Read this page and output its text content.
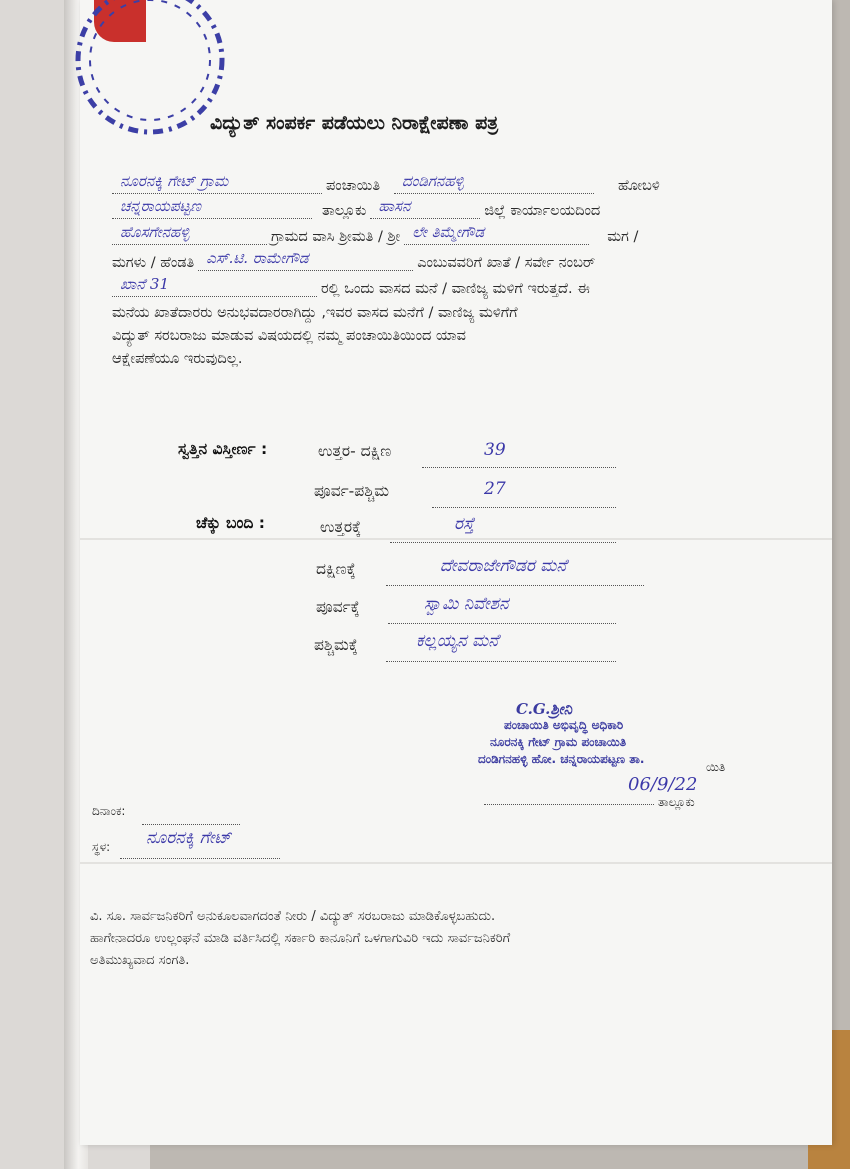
ವಿದ್ಯುತ್ ಸಂಪರ್ಕ ಪಡೆಯಲು ನಿರಾಕ್ಷೇಪಣಾ ಪತ್ರ
ನೂರನಕ್ಕಿ ಗೇಟ್ ಗ್ರಾಮ	ಪಂಚಾಯಿತಿ ದಂಡಿಗನಹಳ್ಳಿ	ಹೋಬಳಿ
ಚನ್ನರಾಯಪಟ್ಟಣ	ತಾಲ್ಲೂಕು ಹಾಸನ	ಜಿಲ್ಲೆ ಕಾರ್ಯಾಲಯದಿಂದ
ಹೊಸಗೇನಹಳ್ಳಿ	ಗ್ರಾಮದ ವಾಸಿ ಶ್ರೀಮತಿ / ಶ್ರೀ ಲೇ ತಿಮ್ಮೇಗೌಡ	ಮಗ /
ಮಗಳು / ಹೆಂಡತಿ ಎಸ್.ಟಿ. ರಾಮೇಗೌಡ	ಎಂಬುವವರಿಗೆ ಖಾತೆ / ಸರ್ವೇ ನಂಬರ್
ಖಾನೆ 31	ರಲ್ಲಿ ಒಂದು ವಾಸದ ಮನೆ / ವಾಣಿಜ್ಯ ಮಳಿಗೆ ಇರುತ್ತದೆ. ಈ
ಮನೆಯ ಖಾತೆದಾರರು ಅನುಭವದಾರರಾಗಿದ್ದು ,ಇವರ ವಾಸದ ಮನೆಗೆ / ವಾಣಿಜ್ಯ ಮಳಿಗೆಗೆ
ವಿದ್ಯುತ್ ಸರಬರಾಜು ಮಾಡುವ ವಿಷಯದಲ್ಲಿ ನಮ್ಮ ಪಂಚಾಯಿತಿಯಿಂದ ಯಾವ
ಆಕ್ಷೇಪಣೆಯೂ ಇರುವುದಿಲ್ಲ.
ಸ್ವತ್ತಿನ ವಿಸ್ತೀರ್ಣ :	ಉತ್ತರ- ದಕ್ಷಿಣ	39
ಪೂರ್ವ-ಪಶ್ಚಿಮ	27
ಚೆಕ್ಕು ಬಂದಿ :	ಉತ್ತರಕ್ಕೆ	ರಸ್ತೆ
ದಕ್ಷಿಣಕ್ಕೆ	ದೇವರಾಜೇಗೌಡರ ಮನೆ
ಪೂರ್ವಕ್ಕೆ	ಸ್ವಾಮಿ ನಿವೇಶನ
ಪಶ್ಚಿಮಕ್ಕೆ	ಕಲ್ಲಯ್ಯನ ಮನೆ
C.G.ಶ್ರೀನಿ
ಪಂಚಾಯಿತಿ ಅಭಿವೃದ್ಧಿ ಅಧಿಕಾರಿ
ನೂರನಕ್ಕಿ ಗೇಟ್ ಗ್ರಾಮ ಪಂಚಾಯಿತಿ
ದಂಡಿಗನಹಳ್ಳಿ ಹೋ. ಚನ್ನರಾಯಪಟ್ಟಣ ತಾ.
ಯಿತಿ
06/9/22
ತಾಲ್ಲೂಕು
ದಿನಾಂಕ:
ಸ್ಥಳ: ನೂರನಕ್ಕಿ ಗೇಟ್
ವಿ. ಸೂ. ಸಾರ್ವಜನಿಕರಿಗೆ ಅನುಕೂಲವಾಗದಂತೆ ನೀರು / ವಿದ್ಯುತ್ ಸರಬರಾಜು ಮಾಡಿಕೊಳ್ಳಬಹುದು.
ಹಾಗೇನಾದರೂ ಉಲ್ಲಂಘನೆ ಮಾಡಿ ವರ್ತಿಸಿದಲ್ಲಿ ಸರ್ಕಾರಿ ಕಾನೂನಿಗೆ ಒಳಗಾಗುವಿರಿ ಇದು ಸಾರ್ವಜನಿಕರಿಗೆ
ಅತಿಮುಖ್ಯವಾದ ಸಂಗತಿ.
